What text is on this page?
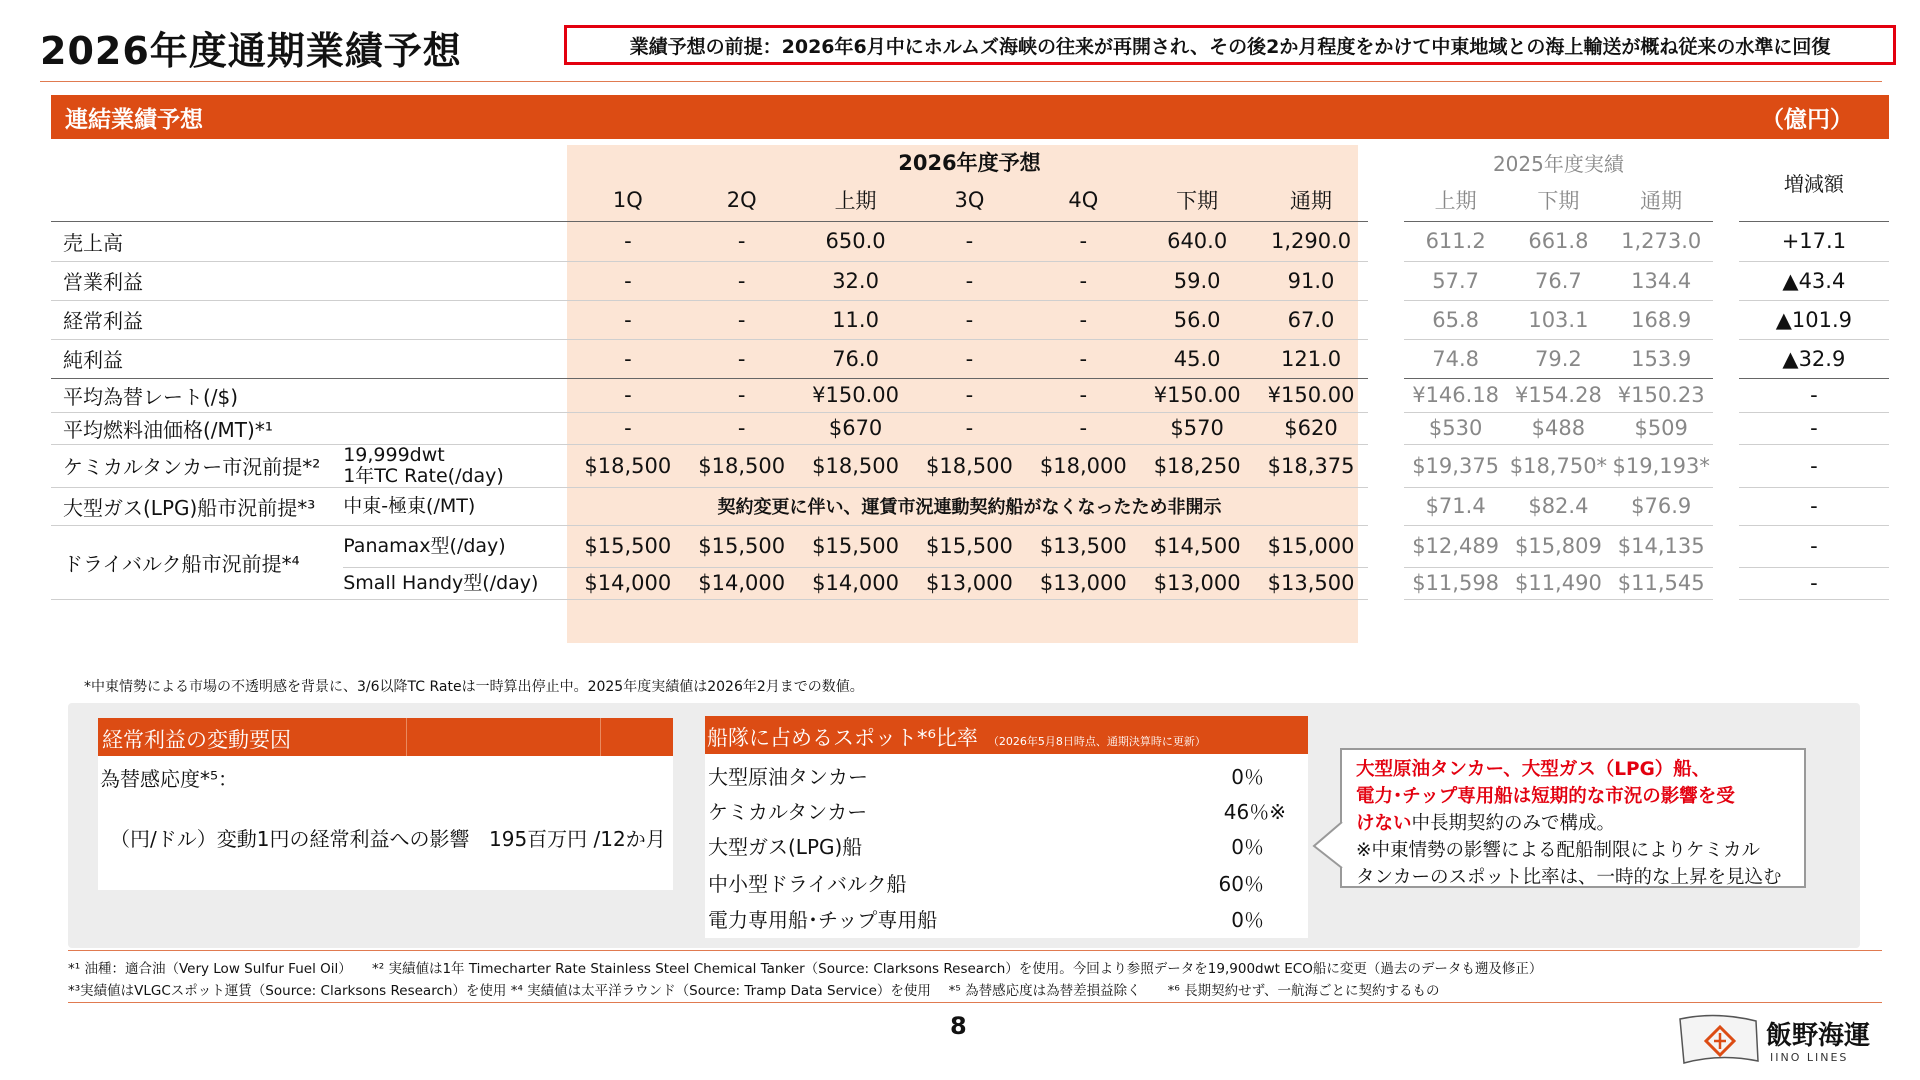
2026年度通期業績予想	業績予想の前提：2026年6月中にホルムズ海峡の往来が再開され、その後2か月程度をかけて中東地域との海上輸送が概ね従来の水準に回復
連結業績予想	（億円）
		2026年度予想								2025年度実績				増減額
		1Q	2Q	上期	3Q	4Q	下期	通期		上期	下期	通期		
売上高		-	-	650.0	-	-	640.0	1,290.0		611.2	661.8	1,273.0		+17.1
営業利益		-	-	32.0	-	-	59.0	91.0		57.7	76.7	134.4		▲43.4
経常利益		-	-	11.0	-	-	56.0	67.0		65.8	103.1	168.9		▲101.9
純利益		-	-	76.0	-	-	45.0	121.0		74.8	79.2	153.9		▲32.9
平均為替レート(/$)		-	-	¥150.00	-	-	¥150.00	¥150.00		¥146.18	¥154.28	¥150.23		-
平均燃料油価格(/MT)*¹		-	-	$670	-	-	$570	$620		$530	$488	$509		-
ケミカルタンカー市況前提*²	19,999dwt
1年TC Rate(/day)	$18,500	$18,500	$18,500	$18,500	$18,000	$18,250	$18,375		$19,375	$18,750*	$19,193*		-
大型ガス(LPG)船市況前提*³	中東-極東(/MT)	契約変更に伴い、運賃市況連動契約船がなくなったため非開示								$71.4	$82.4	$76.9		-
ドライバルク船市況前提*⁴	Panamax型(/day)	$15,500	$15,500	$15,500	$15,500	$13,500	$14,500	$15,000		$12,489	$15,809	$14,135		-
	Small Handy型(/day)	$14,000	$14,000	$14,000	$13,000	$13,000	$13,000	$13,500		$11,598	$11,490	$11,545		-
*中東情勢による市場の不透明感を背景に、3/6以降TC Rateは一時算出停止中。2025年度実績値は2026年2月までの数値。
経常利益の変動要因
為替感応度*⁵：
（円/ドル）変動1円の経常利益への影響 195百万円 /12か月
船隊に占めるスポット*⁶比率 （2026年5月8日時点、通期決算時に更新）
大型原油タンカー	0％
ケミカルタンカー	46％※
大型ガス(LPG)船	0％
中小型ドライバルク船	60％
電力専用船･チップ専用船	0％
大型原油タンカー、大型ガス（LPG）船、
電力･チップ専用船は短期的な市況の影響を受
けない中長期契約のみで構成。
※中東情勢の影響による配船制限によりケミカル
タンカーのスポット比率は、一時的な上昇を見込む
*¹ 油種：適合油（Very Low Sulfur Fuel Oil）　　*² 実績値は1年 Timecharter Rate Stainless Steel Chemical Tanker（Source: Clarksons Research）を使用。今回より参照データを19,900dwt ECO船に変更（過去のデータも遡及修正）
*³実績値はVLGCスポット運賃（Source: Clarksons Research）を使用 *⁴ 実績値は太平洋ラウンド（Source: Tramp Data Service）を使用　 *⁵ 為替感応度は為替差損益除く　　*⁶ 長期契約せず、一航海ごとに契約するもの
8	飯野海運
IINO LINES
